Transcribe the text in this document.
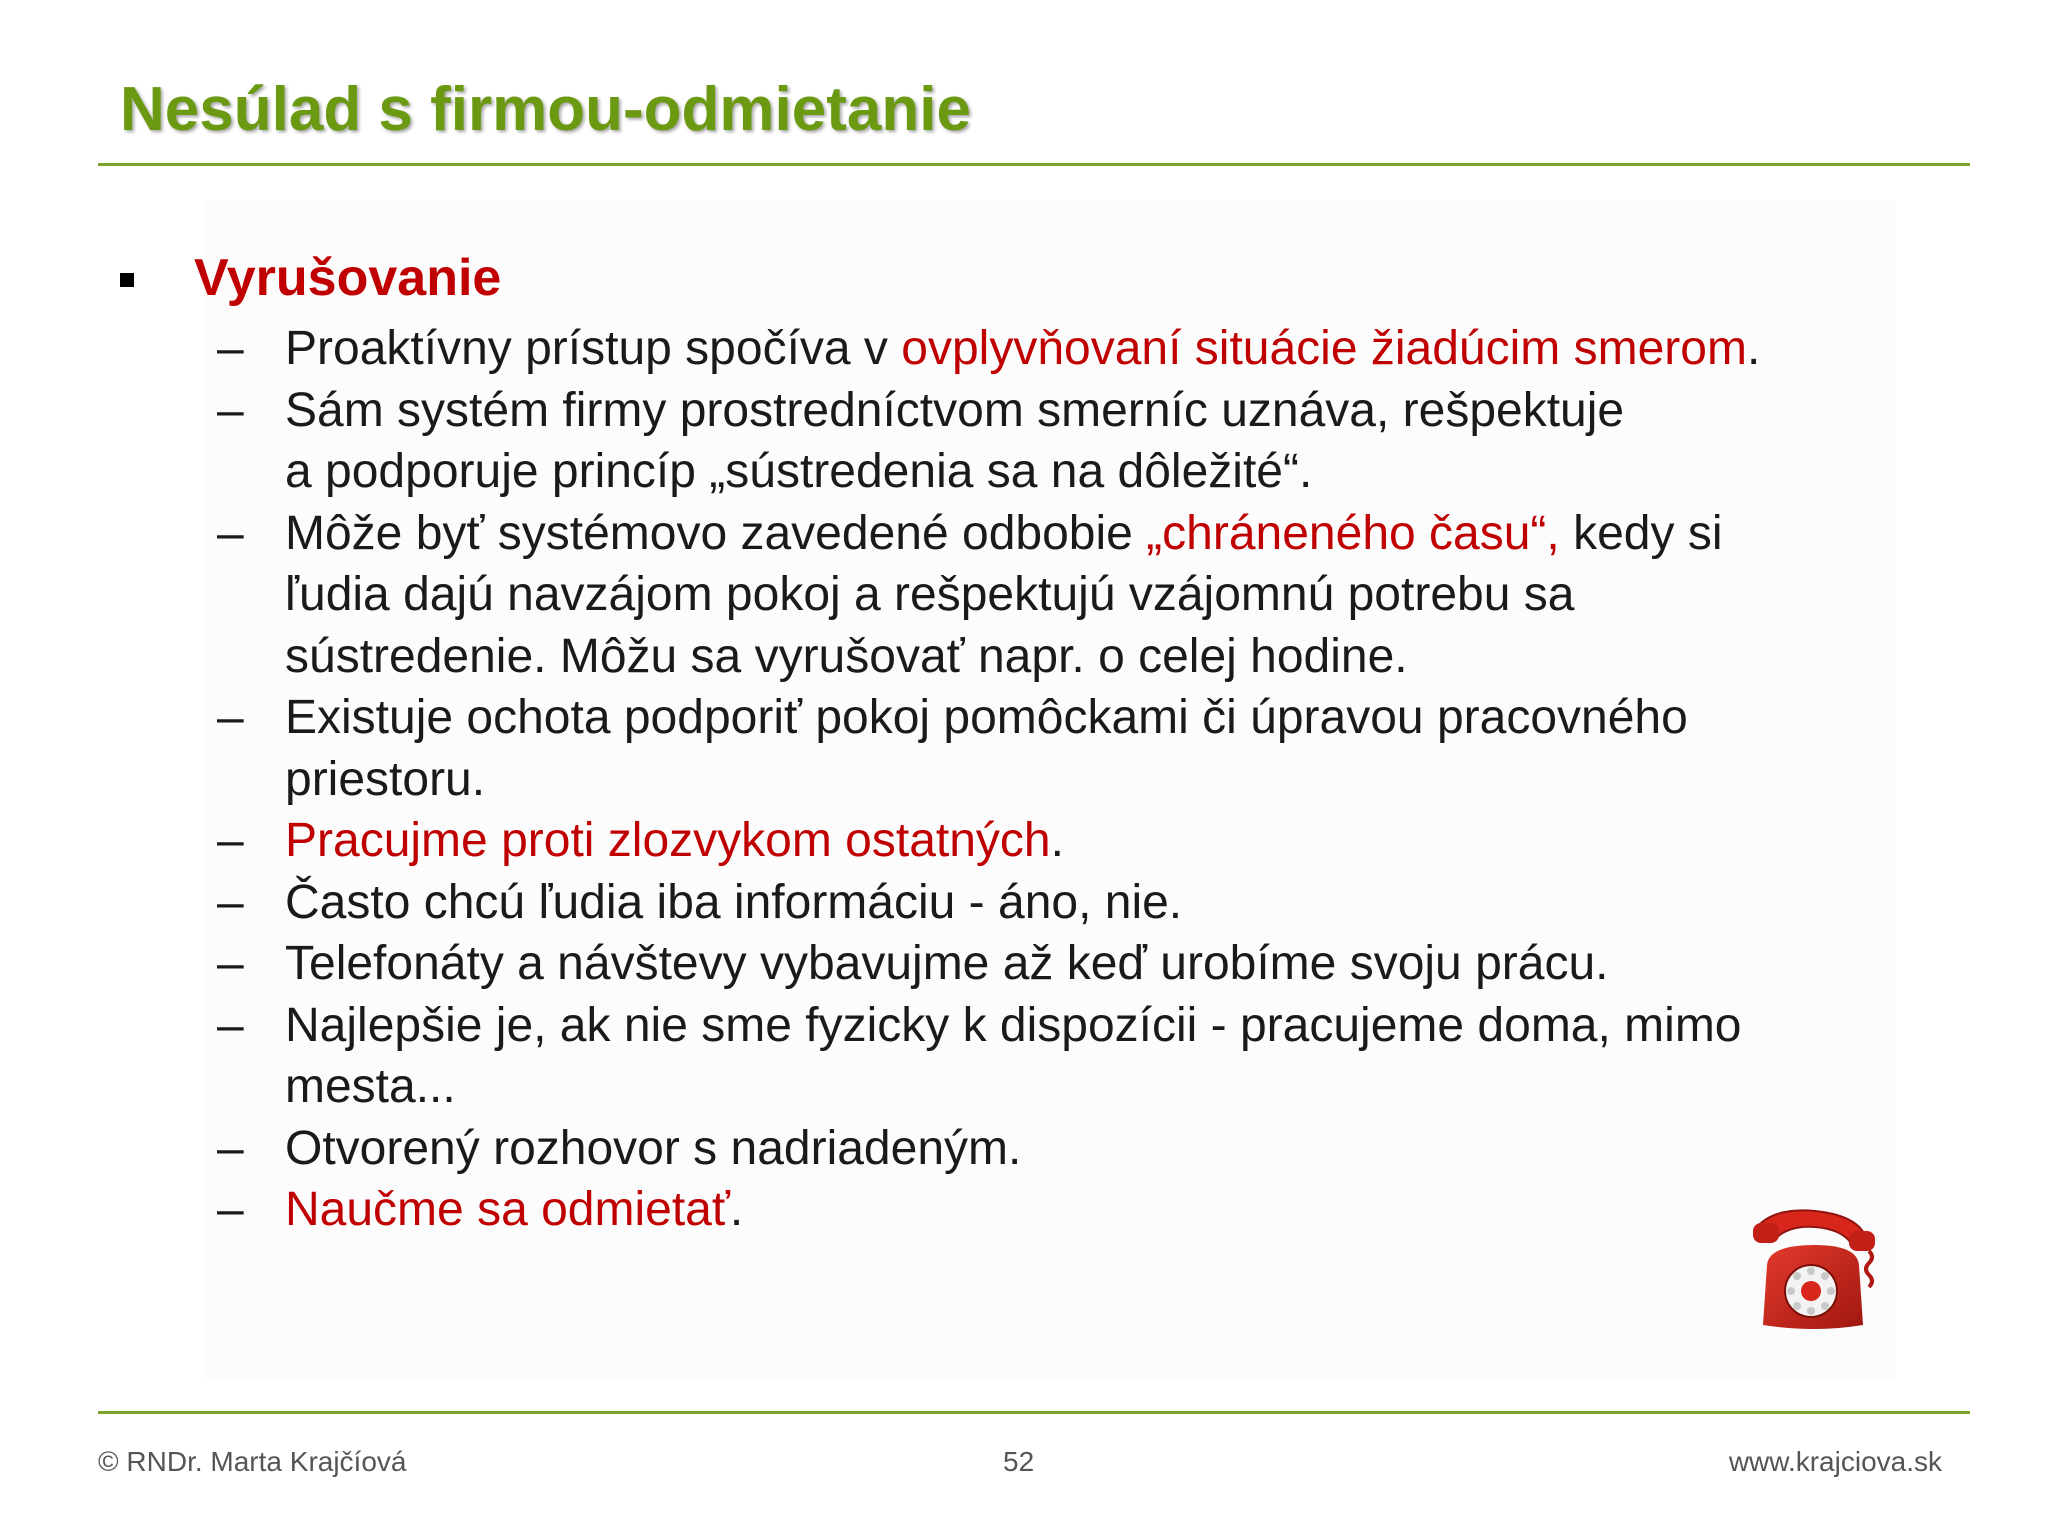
Nesúlad s firmou-odmietanie
Vyrušovanie
– Proaktívny prístup spočíva v ovplyvňovaní situácie žiadúcim smerom.
– Sám systém firmy prostredníctvom smerníc uznáva, rešpektuje
a podporuje princíp „sústredenia sa na dôležité“.
– Môže byť systémovo zavedené odbobie „chráneného času“, kedy si
ľudia dajú navzájom pokoj a rešpektujú vzájomnú potrebu sa
sústredenie. Môžu sa vyrušovať napr. o celej hodine.
– Existuje ochota podporiť pokoj pomôckami či úpravou pracovného
priestoru.
– Pracujme proti zlozvykom ostatných.
– Často chcú ľudia iba informáciu - áno, nie.
– Telefonáty a návštevy vybavujme až keď urobíme svoju prácu.
– Najlepšie je, ak nie sme fyzicky k dispozícii - pracujeme doma, mimo
mesta...
– Otvorený rozhovor s nadriadeným.
– Naučme sa odmietať.
© RNDr. Marta Krajčíová	52	www.krajciova.sk
